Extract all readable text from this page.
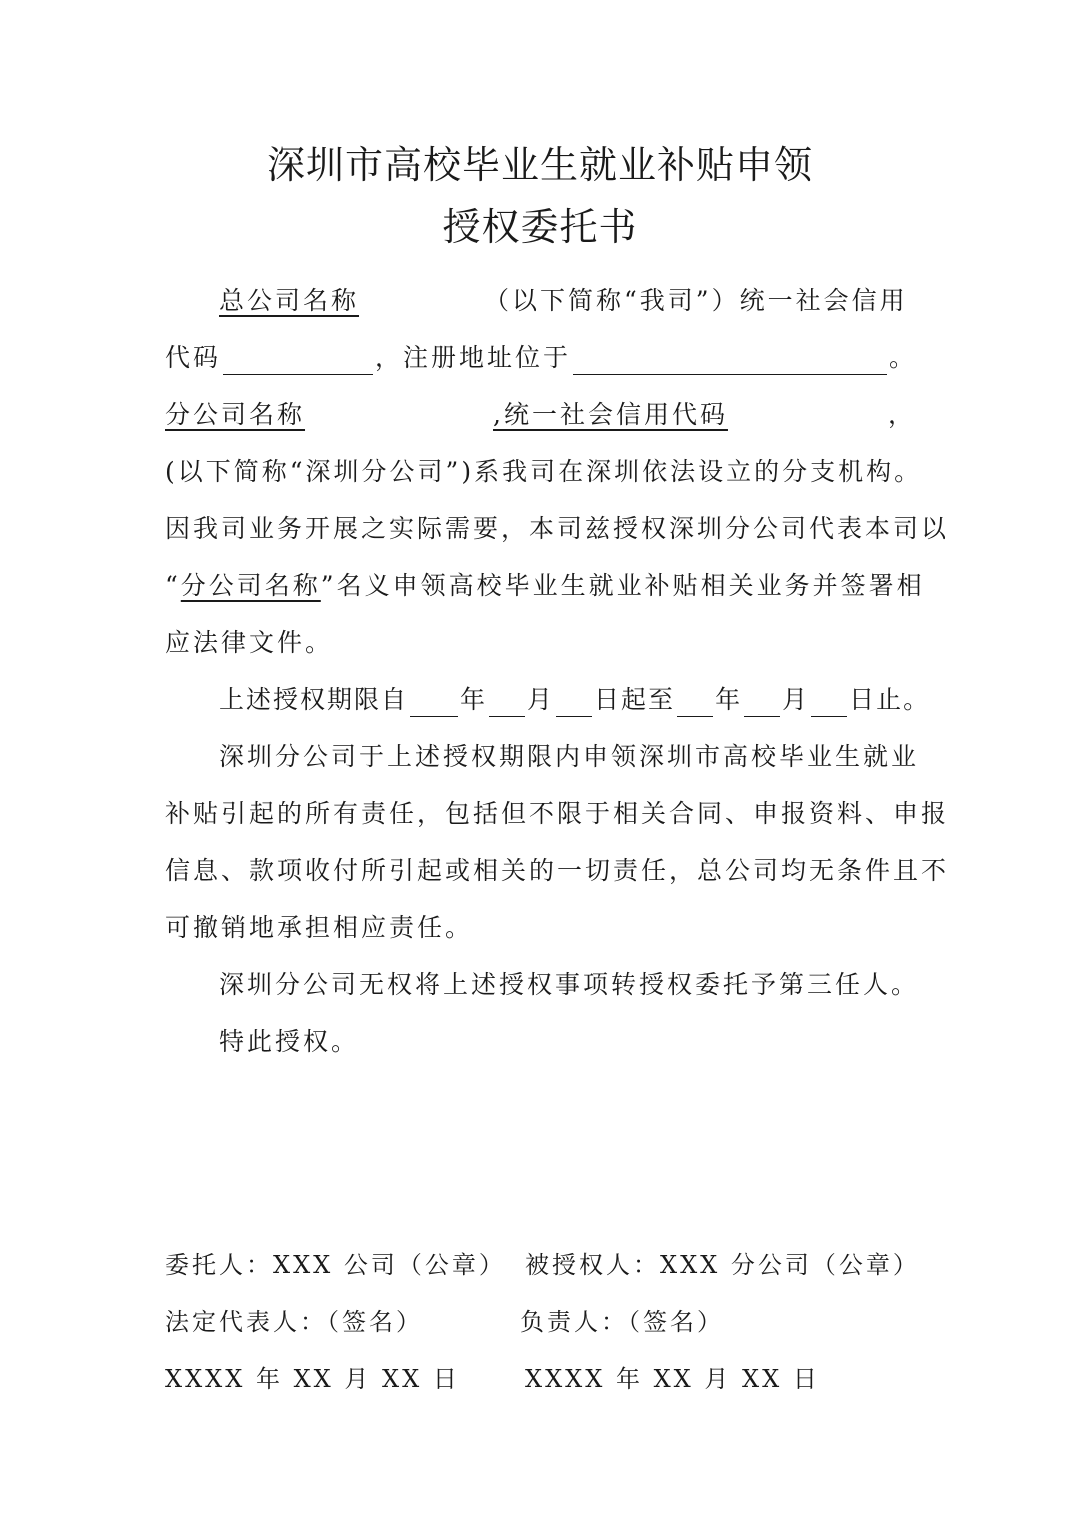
深圳市高校毕业生就业补贴申领
授权委托书
总公司名称	（以下简称“我司”）统一社会信用
代码	，注册地址位于	。
分公司名称	,统一社会信用代码	，
(以下简称“深圳分公司”)系我司在深圳依法设立的分支机构。
因我司业务开展之实际需要，本司兹授权深圳分公司代表本司以
“分公司名称”名义申领高校毕业生就业补贴相关业务并签署相
应法律文件。
上述授权期限自 年 月 日起至 年 月 日止。
深圳分公司于上述授权期限内申领深圳市高校毕业生就业
补贴引起的所有责任，包括但不限于相关合同、申报资料、申报
信息、款项收付所引起或相关的一切责任，总公司均无条件且不
可撤销地承担相应责任。
深圳分公司无权将上述授权事项转授权委托予第三任人。
特此授权。
委托人：XXX 公司（公章） 被授权人：XXX 分公司（公章）
法定代表人：（签名）	负责人：（签名）
XXXX 年 XX 月 XX 日	XXXX 年 XX 月 XX 日
